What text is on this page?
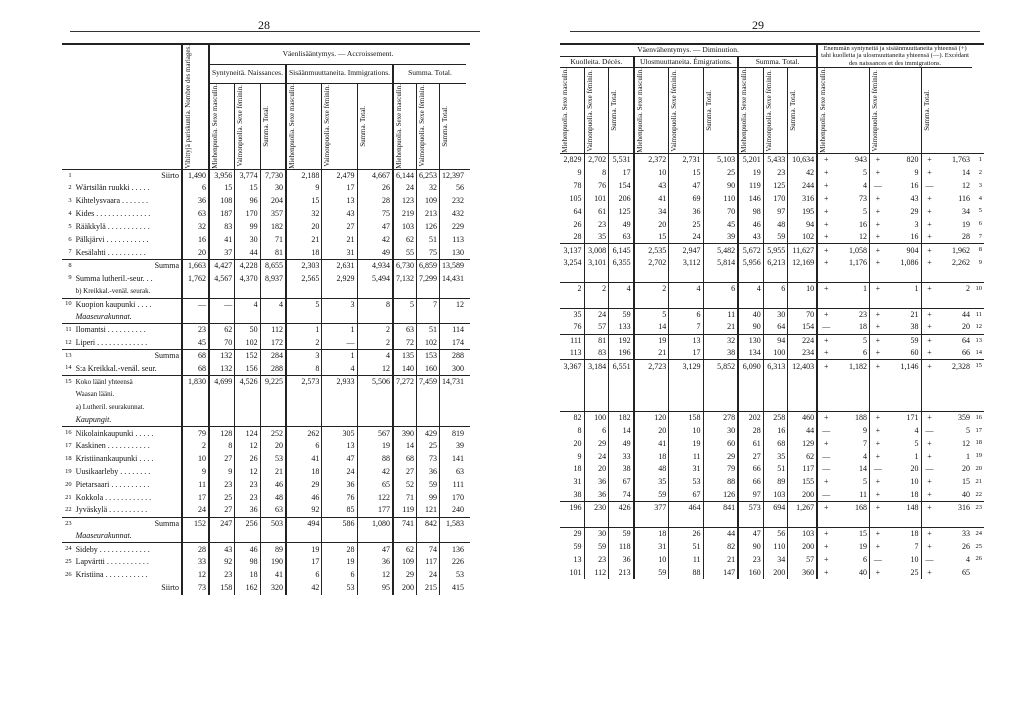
28	29

		Vihittyjä pariskuntia. Nombre des mariages.	Väenlisääntymys. — Accroissement.									
			Syntyneitä. Naissances.			Sisäänmuuttaneita. Immigrations.			Summa. Total.			

			Miehenpuolia. Sexe masculin.	Vaimonpuolia. Sexe féminin.	Summa. Total.	Miehenpuolia. Sexe masculin.	Vaimonpuolia. Sexe féminin.	Summa. Total.	Miehenpuolia. Sexe masculin.	Vaimonpuolia. Sexe féminin.	Summa. Total.	

1	Siirto	1,490	3,956	3,774	7,730	2,188	2,479	4,667	6,144	6,253	12,397	
2	Wärtsilän ruukki . . . . .	6	15	15	30	9	17	26	24	32	56	
3	Kihtelysvaara . . . . . . .	36	108	96	204	15	13	28	123	109	232	
4	Kides . . . . . . . . . . . . . .	63	187	170	357	32	43	75	219	213	432	
5	Rääkkylä . . . . . . . . . . .	32	83	99	182	20	27	47	103	126	229	
6	Pälkjärvi . . . . . . . . . . .	16	41	30	71	21	21	42	62	51	113	
7	Kesälahti . . . . . . . . . .	20	37	44	81	18	31	49	55	75	130	
8	Summa	1,663	4,427	4,228	8,655	2,303	2,631	4,934	6,730	6,859	13,589	
9	Summa lutheril.-seur. . .	1,762	4,567	4,370	8,937	2,565	2,929	5,494	7,132	7,299	14,431	
	b) Kreikkal.-venäl. seurak.											
10	Kuopion kaupunki . . . .	—	—	4	4	5	3	8	5	7	12	
	Maaseurakunnat.											
11	Ilomantsi . . . . . . . . . .	23	62	50	112	1	1	2	63	51	114	
12	Liperi . . . . . . . . . . . . .	45	70	102	172	2	—	2	72	102	174	
13	Summa	68	132	152	284	3	1	4	135	153	288	
14	S:a Kreikkal.-venäl. seur.	68	132	156	288	8	4	12	140	160	300	
15	Koko läänl yhteensä	1,830	4,699	4,526	9,225	2,573	2,933	5,506	7,272	7,459	14,731	
	Waasan lääni.											
	a) Lutheril. seurakunnat.											
	Kaupungit.											
16	Nikolainkaupunki . . . . .	79	128	124	252	262	305	567	390	429	819	
17	Kaskinen . . . . . . . . . . .	2	8	12	20	6	13	19	14	25	39	
18	Kristiinankaupunki . . . .	10	27	26	53	41	47	88	68	73	141	
19	Uusikaarleby . . . . . . . .	9	9	12	21	18	24	42	27	36	63	
20	Pietarsaari . . . . . . . . . .	11	23	23	46	29	36	65	52	59	111	
21	Kokkola . . . . . . . . . . . .	17	25	23	48	46	76	122	71	99	170	
22	Jyväskylä . . . . . . . . . .	24	27	36	63	92	85	177	119	121	240	
23	Summa	152	247	256	503	494	586	1,080	741	842	1,583	
	Maaseurakunnat.											
24	Sideby . . . . . . . . . . . . .	28	43	46	89	19	28	47	62	74	136	
25	Lapvärtti . . . . . . . . . . .	33	92	98	190	17	19	36	109	117	226	
26	Kristiina . . . . . . . . . . .	12	23	18	41	6	6	12	29	24	53	
	Siirto	73	158	162	320	42	53	95	200	215	415	
Väenvähentymys. — Diminution.									Enemmän syntyneitä ja sisäänmuuttaneita yhteensä (+) tahi kuolleita ja ulosmuuttaneita yhteensä (—). Excédant des naissances et des immigrations.						
Kuolleita. Décès.			Ulosmuuttaneita. Émigrations.			Summa. Total.									

Miehenpuolia. Sexe masculin.	Vaimonpuolia. Sexe féminin.	Summa. Total.	Miehenpuolia. Sexe masculin.	Vaimonpuolia. Sexe féminin.	Summa. Total.	Miehenpuolia. Sexe masculin.	Vaimonpuolia. Sexe féminin.	Summa. Total.	Miehenpuolia. Sexe masculin.		Vaimonpuolia. Sexe féminin.		Summa. Total.		

2,829	2,702	5,531	2,372	2,731	5,103	5,201	5,433	10,634	+	943	+	820	+	1,763	1
9	8	17	10	15	25	19	23	42	+	5	+	9	+	14	2
78	76	154	43	47	90	119	125	244	+	4	—	16	—	12	3
105	101	206	41	69	110	146	170	316	+	73	+	43	+	116	4
64	61	125	34	36	70	98	97	195	+	5	+	29	+	34	5
26	23	49	20	25	45	46	48	94	+	16	+	3	+	19	6
28	35	63	15	24	39	43	59	102	+	12	+	16	+	28	7
3,137	3,008	6,145	2,535	2,947	5,482	5,672	5,955	11,627	+	1,058	+	904	+	1,962	8
3,254	3,101	6,355	2,702	3,112	5,814	5,956	6,213	12,169	+	1,176	+	1,086	+	2,262	9

2	2	4	2	4	6	4	6	10	+	1	+	1	+	2	10

35	24	59	5	6	11	40	30	70	+	23	+	21	+	44	11
76	57	133	14	7	21	90	64	154	—	18	+	38	+	20	12
111	81	192	19	13	32	130	94	224	+	5	+	59	+	64	13
113	83	196	21	17	38	134	100	234	+	6	+	60	+	66	14
3,367	3,184	6,551	2,723	3,129	5,852	6,090	6,313	12,403	+	1,182	+	1,146	+	2,328	15

82	100	182	120	158	278	202	258	460	+	188	+	171	+	359	16
8	6	14	20	10	30	28	16	44	—	9	+	4	—	5	17
20	29	49	41	19	60	61	68	129	+	7	+	5	+	12	18
9	24	33	18	11	29	27	35	62	—	4	+	1	+	1	19
18	20	38	48	31	79	66	51	117	—	14	—	20	—	20	20
31	36	67	35	53	88	66	89	155	+	5	+	10	+	15	21
38	36	74	59	67	126	97	103	200	—	11	+	18	+	40	22
196	230	426	377	464	841	573	694	1,267	+	168	+	148	+	316	23

29	30	59	18	26	44	47	56	103	+	15	+	18	+	33	24
59	59	118	31	51	82	90	110	200	+	19	+	7	+	26	25
13	23	36	10	11	21	23	34	57	+	6	—	10	—	4	26
101	112	213	59	88	147	160	200	360	+	40	+	25	+	65	
